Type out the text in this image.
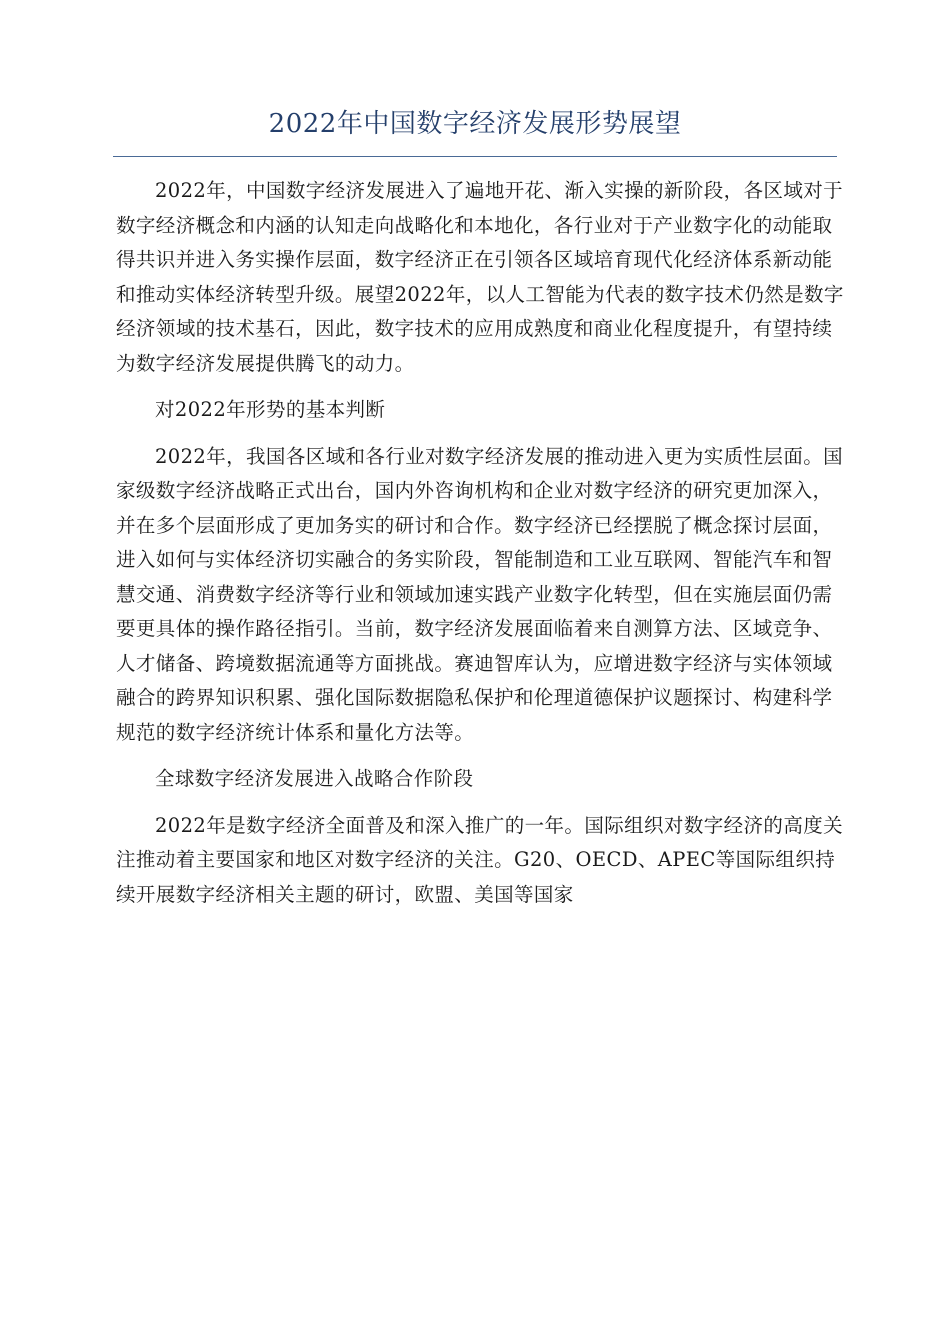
2022年中国数字经济发展形势展望

2022年，中国数字经济发展进入了遍地开花、渐入实操的新阶段，各区域对于数字经济概念和内涵的认知走向战略化和本地化，各行业对于产业数字化的动能取得共识并进入务实操作层面，数字经济正在引领各区域培育现代化经济体系新动能和推动实体经济转型升级。展望2022年，以人工智能为代表的数字技术仍然是数字经济领域的技术基石，因此，数字技术的应用成熟度和商业化程度提升，有望持续为数字经济发展提供腾飞的动力。

对2022年形势的基本判断

2022年，我国各区域和各行业对数字经济发展的推动进入更为实质性层面。国家级数字经济战略正式出台，国内外咨询机构和企业对数字经济的研究更加深入，并在多个层面形成了更加务实的研讨和合作。数字经济已经摆脱了概念探讨层面，进入如何与实体经济切实融合的务实阶段，智能制造和工业互联网、智能汽车和智慧交通、消费数字经济等行业和领域加速实践产业数字化转型，但在实施层面仍需要更具体的操作路径指引。当前，数字经济发展面临着来自测算方法、区域竞争、人才储备、跨境数据流通等方面挑战。赛迪智库认为，应增进数字经济与实体领域融合的跨界知识积累、强化国际数据隐私保护和伦理道德保护议题探讨、构建科学规范的数字经济统计体系和量化方法等。

全球数字经济发展进入战略合作阶段

2022年是数字经济全面普及和深入推广的一年。国际组织对数字经济的高度关注推动着主要国家和地区对数字经济的关注。G20、OECD、APEC等国际组织持续开展数字经济相关主题的研讨，欧盟、美国等国家
